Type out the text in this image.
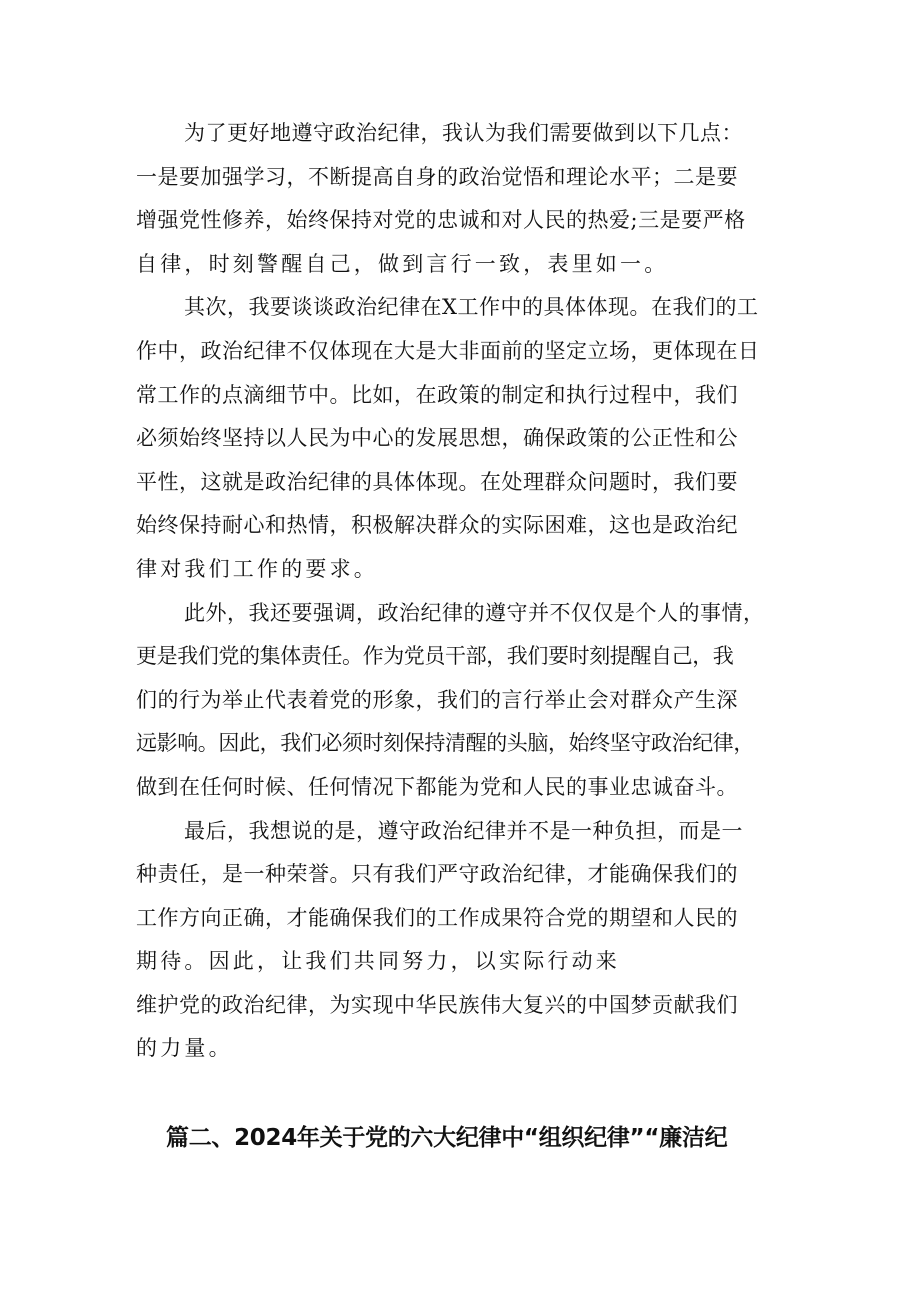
为了更好地遵守政治纪律，我认为我们需要做到以下几点：
一是要加强学习，不断提高自身的政治觉悟和理论水平；二是要
增强党性修养，始终保持对党的忠诚和对人民的热爱;三是要严格
自律，时刻警醒自己，做到言行一致，表里如一。
其次，我要谈谈政治纪律在X工作中的具体体现。在我们的工
作中，政治纪律不仅体现在大是大非面前的坚定立场，更体现在日
常工作的点滴细节中。比如，在政策的制定和执行过程中，我们
必须始终坚持以人民为中心的发展思想，确保政策的公正性和公
平性，这就是政治纪律的具体体现。在处理群众问题时，我们要
始终保持耐心和热情，积极解决群众的实际困难，这也是政治纪
律对我们工作的要求。
此外，我还要强调，政治纪律的遵守并不仅仅是个人的事情，
更是我们党的集体责任。作为党员干部，我们要时刻提醒自己，我
们的行为举止代表着党的形象，我们的言行举止会对群众产生深
远影响。因此，我们必须时刻保持清醒的头脑，始终坚守政治纪律，
做到在任何时候、任何情况下都能为党和人民的事业忠诚奋斗。
最后，我想说的是，遵守政治纪律并不是一种负担，而是一
种责任，是一种荣誉。只有我们严守政治纪律，才能确保我们的
工作方向正确，才能确保我们的工作成果符合党的期望和人民的
期待。因此，让我们共同努力，以实际行动来
维护党的政治纪律，为实现中华民族伟大复兴的中国梦贡献我们
的力量。
篇二、2024年关于党的六大纪律中“组织纪律”“廉洁纪
